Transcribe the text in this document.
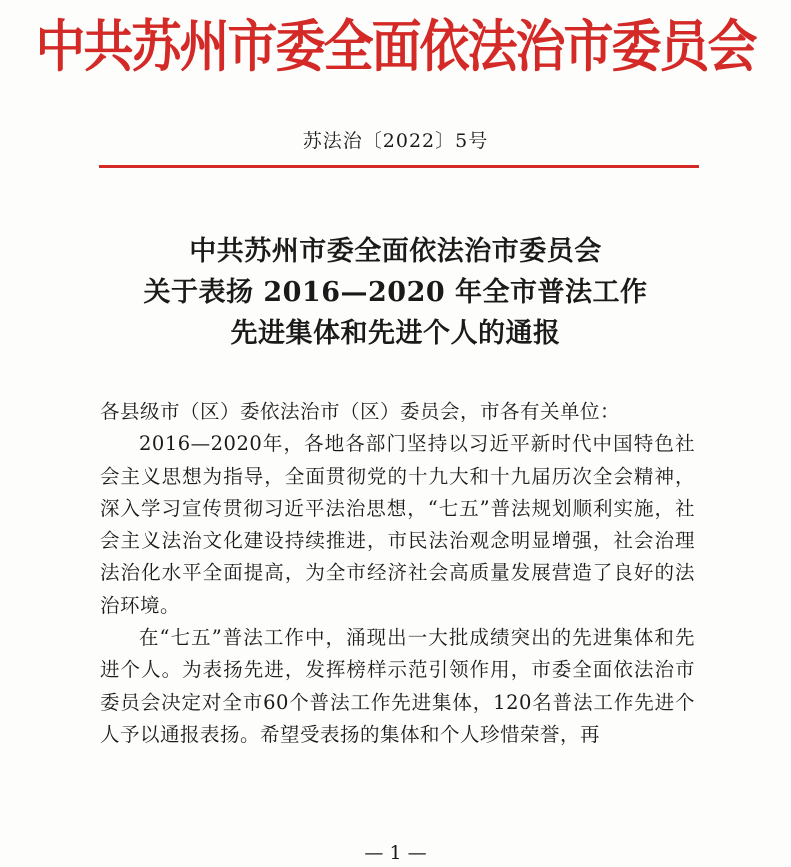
中共苏州市委全面依法治市委员会
苏法治〔2022〕5号
中共苏州市委全面依法治市委员会
关于表扬 2016—2020 年全市普法工作
先进集体和先进个人的通报

各县级市（区）委依法治市（区）委员会，市各有关单位：

2016—2020年，各地各部门坚持以习近平新时代中国特色社会主义思想为指导，全面贯彻党的十九大和十九届历次全会精神，深入学习宣传贯彻习近平法治思想，“七五”普法规划顺利实施，社会主义法治文化建设持续推进，市民法治观念明显增强，社会治理法治化水平全面提高，为全市经济社会高质量发展营造了良好的法治环境。

在“七五”普法工作中，涌现出一大批成绩突出的先进集体和先进个人。为表扬先进，发挥榜样示范引领作用，市委全面依法治市委员会决定对全市60个普法工作先进集体，120名普法工作先进个人予以通报表扬。希望受表扬的集体和个人珍惜荣誉，再

— 1 —
